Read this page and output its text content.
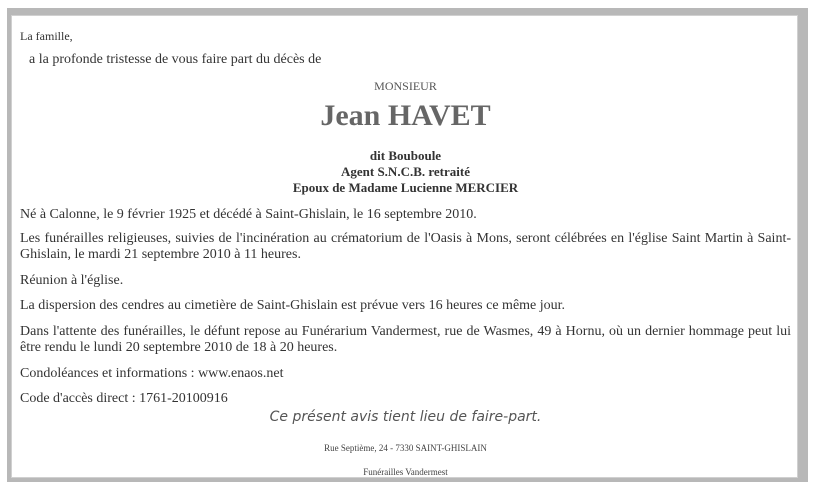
La famille,
a la profonde tristesse de vous faire part du décès de
MONSIEUR
Jean HAVET
dit Bouboule
Agent S.N.C.B. retraité
Epoux de Madame Lucienne MERCIER
Né à Calonne, le 9 février 1925 et décédé à Saint-Ghislain, le 16 septembre 2010.
Les funérailles religieuses, suivies de l'incinération au crématorium de l'Oasis à Mons, seront célébrées en l'église Saint Martin à Saint-Ghislain, le mardi 21 septembre 2010 à 11 heures.
Réunion à l'église.
La dispersion des cendres au cimetière de Saint-Ghislain est prévue vers 16 heures ce même jour.
Dans l'attente des funérailles, le défunt repose au Funérarium Vandermest, rue de Wasmes, 49 à Hornu, où un dernier hommage peut lui être rendu le lundi 20 septembre 2010 de 18 à 20 heures.
Condoléances et informations : www.enaos.net
Code d'accès direct : 1761-20100916
Ce présent avis tient lieu de faire-part.
Rue Septième, 24 - 7330 SAINT-GHISLAIN
Funérailles Vandermest
